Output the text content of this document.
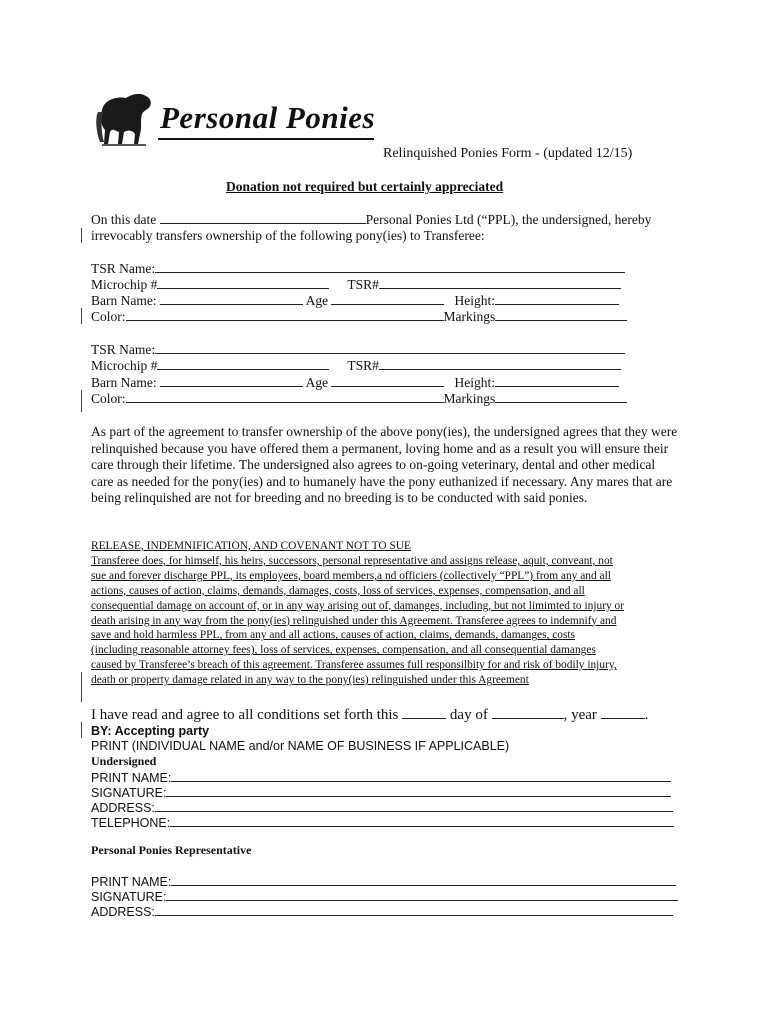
Personal Ponies
Relinquished Ponies Form - (updated 12/15)
Donation not required but certainly appreciated
On this date	Personal Ponies Ltd (“PPL), the undersigned, hereby
irrevocably transfers ownership of the following pony(ies) to Transferee:
TSR Name:
Microchip #	TSR#
Barn Name:	Age	Height:
Color:	Markings
TSR Name:
Microchip #	TSR#
Barn Name:	Age	Height:
Color:	Markings
As part of the agreement to transfer ownership of the above pony(ies), the undersigned agrees that they were relinquished because you have offered them a permanent, loving home and as a result you will ensure their care through their lifetime. The undersigned also agrees to on-going veterinary, dental and other medical care as needed for the pony(ies) and to humanely have the pony euthanized if necessary. Any mares that are being relinquished are not for breeding and no breeding is to be conducted with said ponies.
RELEASE, INDEMNIFICATION, AND COVENANT NOT TO SUE
Transferee does, for himself, his heirs, successors, personal representative and assigns release, aquit, conveant, not
sue and forever discharge PPL, its employees, board members,a nd officiers (collectively “PPL”) from any and all
actions, causes of action, claims, demands, damages, costs, loss of services, expenses, compensation, and all
consequential damage on account of, or in any way arising out of, damanges, including, but not limimted to injury or
death arising in any way from the pony(ies) relinguished under this Agreement. Transferee agrees to indemnify and
save and hold harmless PPL, from any and all actions, causes of action, claims, demands, damanges, costs
(including reasonable attorney fees), loss of services, expenses, compensation, and all consequential damanges
caused by Transferee’s breach of this agreement. Transferee assumes full responsilbity for and risk of bodily injury,
death or property damage related in any way to the pony(ies) relinguished under this Agreement
I have read and agree to all conditions set forth this	day of	, year	.
BY: Accepting party
PRINT (INDIVIDUAL NAME and/or NAME OF BUSINESS IF APPLICABLE)
Undersigned
PRINT NAME:
SIGNATURE:
ADDRESS:
TELEPHONE:
Personal Ponies Representative
PRINT NAME:
SIGNATURE:
ADDRESS:
